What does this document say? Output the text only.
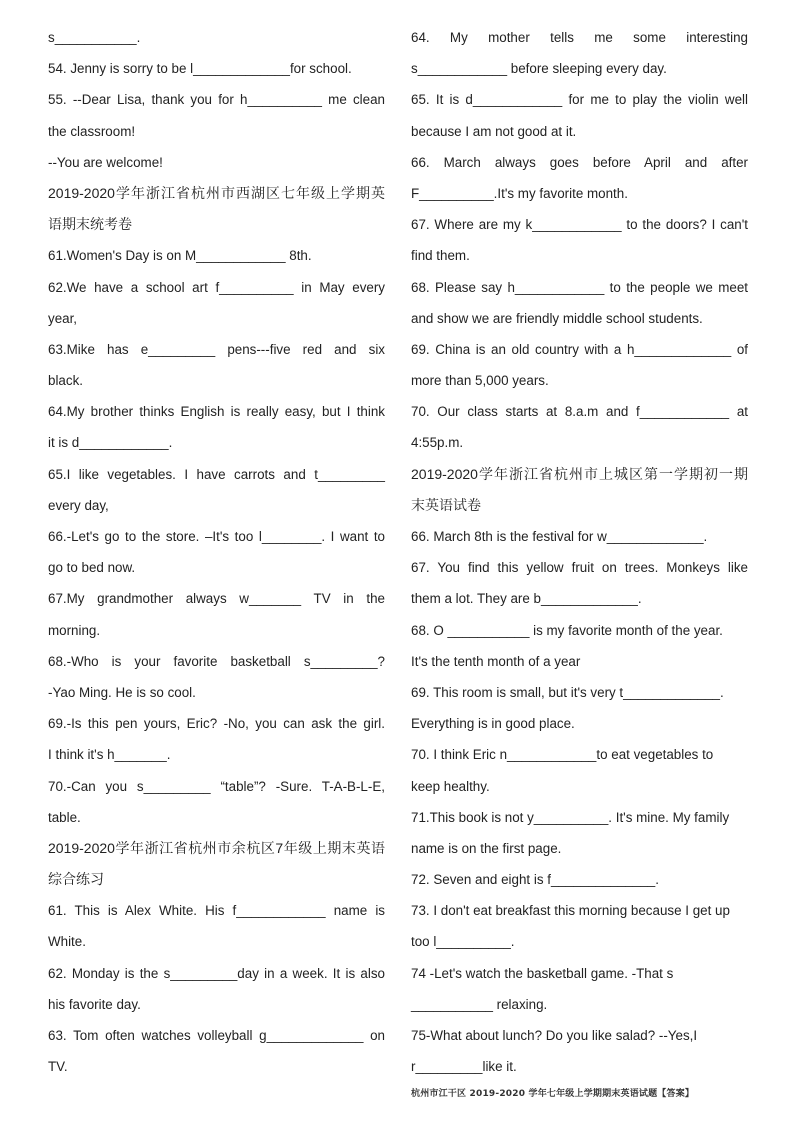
s___________.
54. Jenny is sorry to be l_____________for school.
55. --Dear Lisa, thank you for h__________ me clean
the classroom!
--You are welcome!
2019-2020学年浙江省杭州市西湖区七年级上学期英
语期末统考卷
61.Women's Day is on M____________ 8th.
62.We have a school art f__________ in May every
year,
63.Mike has e_________ pens---five red and six
black.
64.My brother thinks English is really easy, but I think
it is d____________.
65.I like vegetables. I have carrots and t_________
every day,
66.-Let's go to the store. –It's too l________. I want to
go to bed now.
67.My grandmother always w_______ TV in the
morning.
68.-Who is your favorite basketball s_________?
-Yao Ming. He is so cool.
69.-Is this pen yours, Eric? -No, you can ask the girl.
I think it's h_______.
70.-Can you s_________ “table”? -Sure. T-A-B-L-E,
table.
2019-2020学年浙江省杭州市余杭区7年级上期末英语
综合练习
61. This is Alex White. His f____________ name is
White.
62. Monday is the s_________day in a week. It is also
his favorite day.
63. Tom often watches volleyball g_____________ on
TV.
64. My mother tells me some interesting
s____________ before sleeping every day.
65. It is d____________ for me to play the violin well
because I am not good at it.
66. March always goes before April and after
F__________.It's my favorite month.
67. Where are my k____________ to the doors? I can't
find them.
68. Please say h____________ to the people we meet
and show we are friendly middle school students.
69. China is an old country with a h_____________ of
more than 5,000 years.
70. Our class starts at 8.a.m and f____________ at
4:55p.m.
2019-2020学年浙江省杭州市上城区第一学期初一期
末英语试卷
66. March 8th is the festival for w_____________.
67. You find this yellow fruit on trees. Monkeys like
them a lot. They are b_____________.
68. O ___________ is my favorite month of the year.
It's the tenth month of a year
69. This room is small, but it's very t_____________.
Everything is in good place.
70. I think Eric n____________to eat vegetables to
keep healthy.
71.This book is not y__________. It's mine. My family
name is on the first page.
72. Seven and eight is f______________.
73. I don't eat breakfast this morning because I get up
too l__________.
74 -Let's watch the basketball game. -That s
___________ relaxing.
75-What about lunch? Do you like salad? --Yes,I
r_________like it.
杭州市江干区 2019-2020 学年七年级上学期期末英语试题【答案】
